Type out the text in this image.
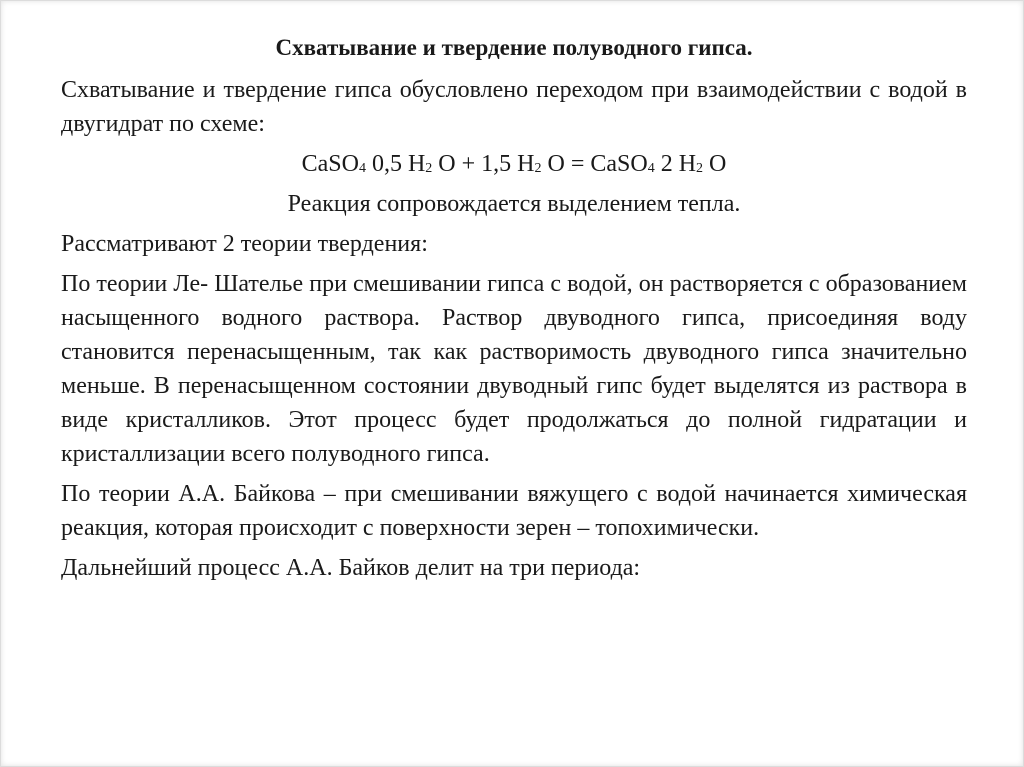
Схватывание и твердение полуводного гипса.
Схватывание и твердение гипса обусловлено переходом при взаимодействии с водой в двугидрат по схеме:
CaSO$_4$ 0,5 $H_2$ O + 1,5 $H_2$ O = CaSO$_4$ 2 $H_2$ O
Реакция сопровождается выделением тепла.
Рассматривают 2 теории твердения:
По теории Ле- Шателье при смешивании гипса с водой, он растворяется с образованием насыщенного водного раствора. Раствор двуводного гипса, присоединяя воду становится перенасыщенным, так как растворимость двуводного гипса значительно меньше. В перенасыщенном состоянии двуводный гипс будет выделятся из раствора в виде кристалликов. Этот процесс будет продолжаться до полной гидратации и кристаллизации всего полуводного гипса.
По теории А.А. Байкова – при смешивании вяжущего с водой начинается химическая реакция, которая происходит с поверхности зерен – топохимически.
Дальнейший процесс А.А. Байков делит на три периода:
